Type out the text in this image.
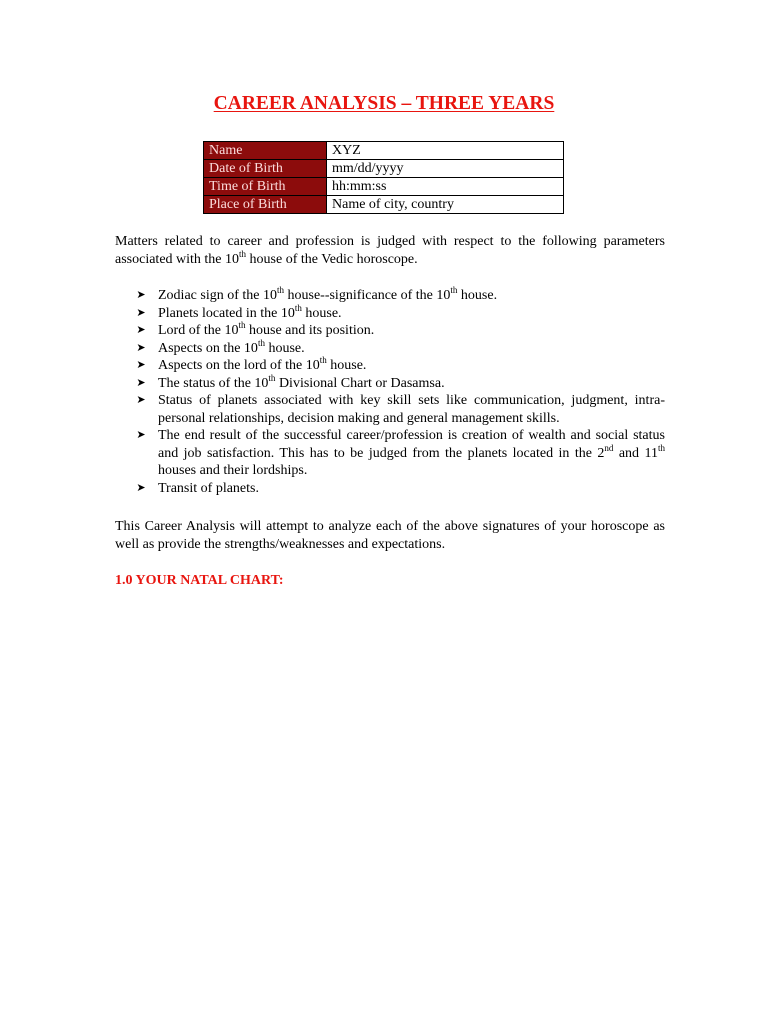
CAREER ANALYSIS – THREE YEARS
Name	XYZ
Date of Birth	mm/dd/yyyy
Time of Birth	hh:mm:ss
Place of Birth	Name of city, country
Matters related to career and profession is judged with respect to the following parameters associated with the 10th house of the Vedic horoscope.
➤ Zodiac sign of the 10th house--significance of the 10th house.
➤ Planets located in the 10th house.
➤ Lord of the 10th house and its position.
➤ Aspects on the 10th house.
➤ Aspects on the lord of the 10th house.
➤ The status of the 10th Divisional Chart or Dasamsa.
➤ Status of planets associated with key skill sets like communication, judgment, intra-personal relationships, decision making and general management skills.
➤ The end result of the successful career/profession is creation of wealth and social status and job satisfaction. This has to be judged from the planets located in the 2nd and 11th houses and their lordships.
➤ Transit of planets.
This Career Analysis will attempt to analyze each of the above signatures of your horoscope as well as provide the strengths/weaknesses and expectations.
1.0 YOUR NATAL CHART:
